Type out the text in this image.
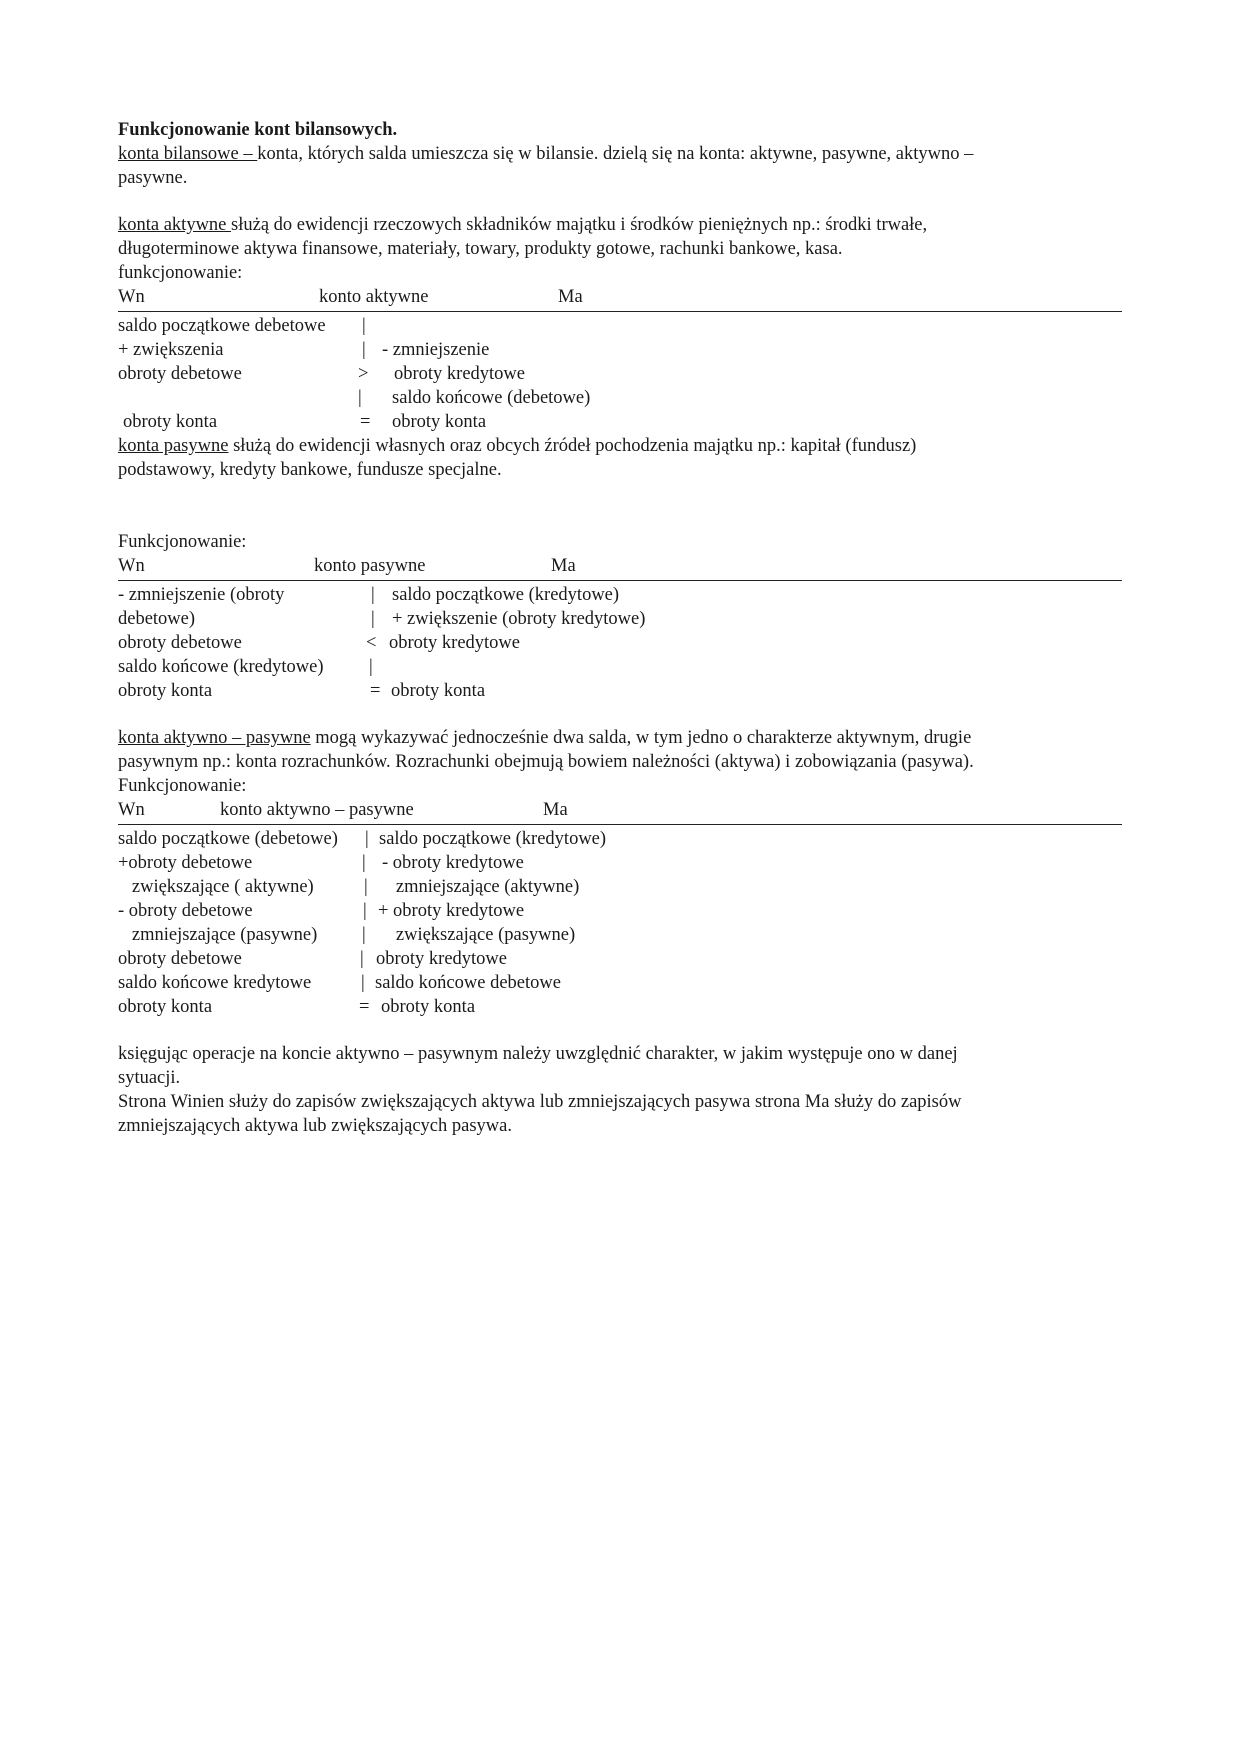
Funkcjonowanie kont bilansowych.
konta bilansowe – konta, których salda umieszcza się w bilansie. dzielą się na konta: aktywne, pasywne, aktywno –
pasywne.
konta aktywne służą do ewidencji rzeczowych składników majątku i środków pieniężnych np.: środki trwałe,
długoterminowe aktywa finansowe, materiały, towary, produkty gotowe, rachunki bankowe, kasa.
funkcjonowanie:
Wn	konto aktywne	Ma
saldo początkowe debetowe |
+ zwiększenia	| - zmniejszenie
obroty debetowe	> obroty kredytowe
| saldo końcowe (debetowe)
obroty konta	= obroty konta
konta pasywne służą do ewidencji własnych oraz obcych źródeł pochodzenia majątku np.: kapitał (fundusz)
podstawowy, kredyty bankowe, fundusze specjalne.
Funkcjonowanie:
Wn	konto pasywne	Ma
- zmniejszenie (obroty	| saldo początkowe (kredytowe)
debetowe)	| + zwiększenie (obroty kredytowe)
obroty debetowe	< obroty kredytowe
saldo końcowe (kredytowe) |
obroty konta	= obroty konta
konta aktywno – pasywne mogą wykazywać jednocześnie dwa salda, w tym jedno o charakterze aktywnym, drugie
pasywnym np.: konta rozrachunków. Rozrachunki obejmują bowiem należności (aktywa) i zobowiązania (pasywa).
Funkcjonowanie:
Wn	konto aktywno – pasywne	Ma
saldo początkowe (debetowe) | saldo początkowe (kredytowe)
+obroty debetowe	| - obroty kredytowe
zwiększające ( aktywne)	| zmniejszające (aktywne)
- obroty debetowe	| + obroty kredytowe
zmniejszające (pasywne) | zwiększające (pasywne)
obroty debetowe	| obroty kredytowe
saldo końcowe kredytowe	| saldo końcowe debetowe
obroty konta	= obroty konta
księgując operacje na koncie aktywno – pasywnym należy uwzględnić charakter, w jakim występuje ono w danej
sytuacji.
Strona Winien służy do zapisów zwiększających aktywa lub zmniejszających pasywa strona Ma służy do zapisów
zmniejszających aktywa lub zwiększających pasywa.
